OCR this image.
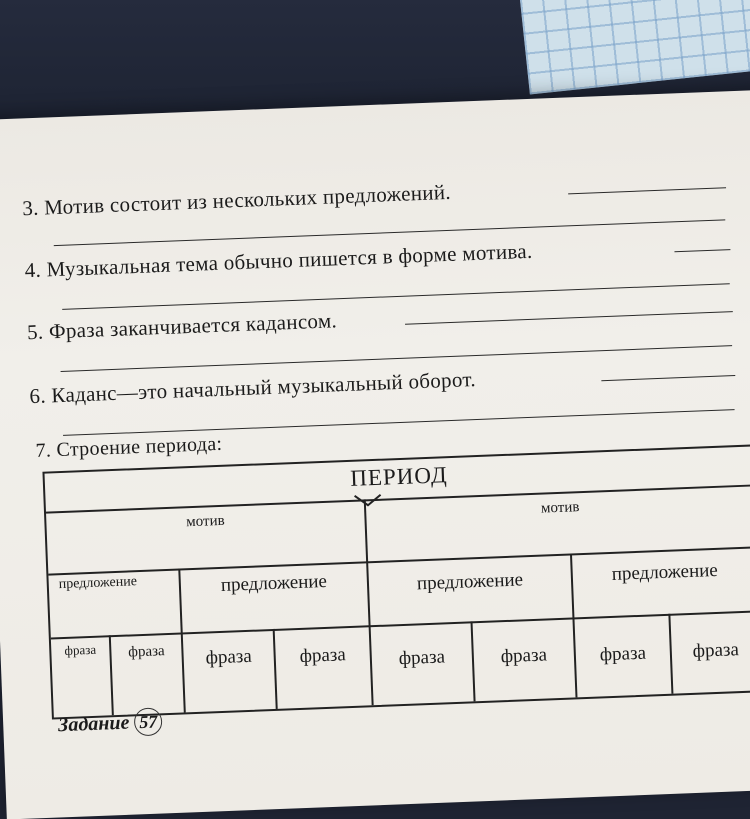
3. Мотив состоит из нескольких предложений.
4. Музыкальная тема обычно пишется в форме мотива.
5. Фраза заканчивается кадансом.
6. Каданс—это начальный музыкальный оборот.
7. Строение периода:
ПЕРИОД
мотив
мотив
предложение	предложение	предложение	предложение
фраза	фраза	фраза	фраза	фраза	фраза	фраза	фраза
Задание 57
